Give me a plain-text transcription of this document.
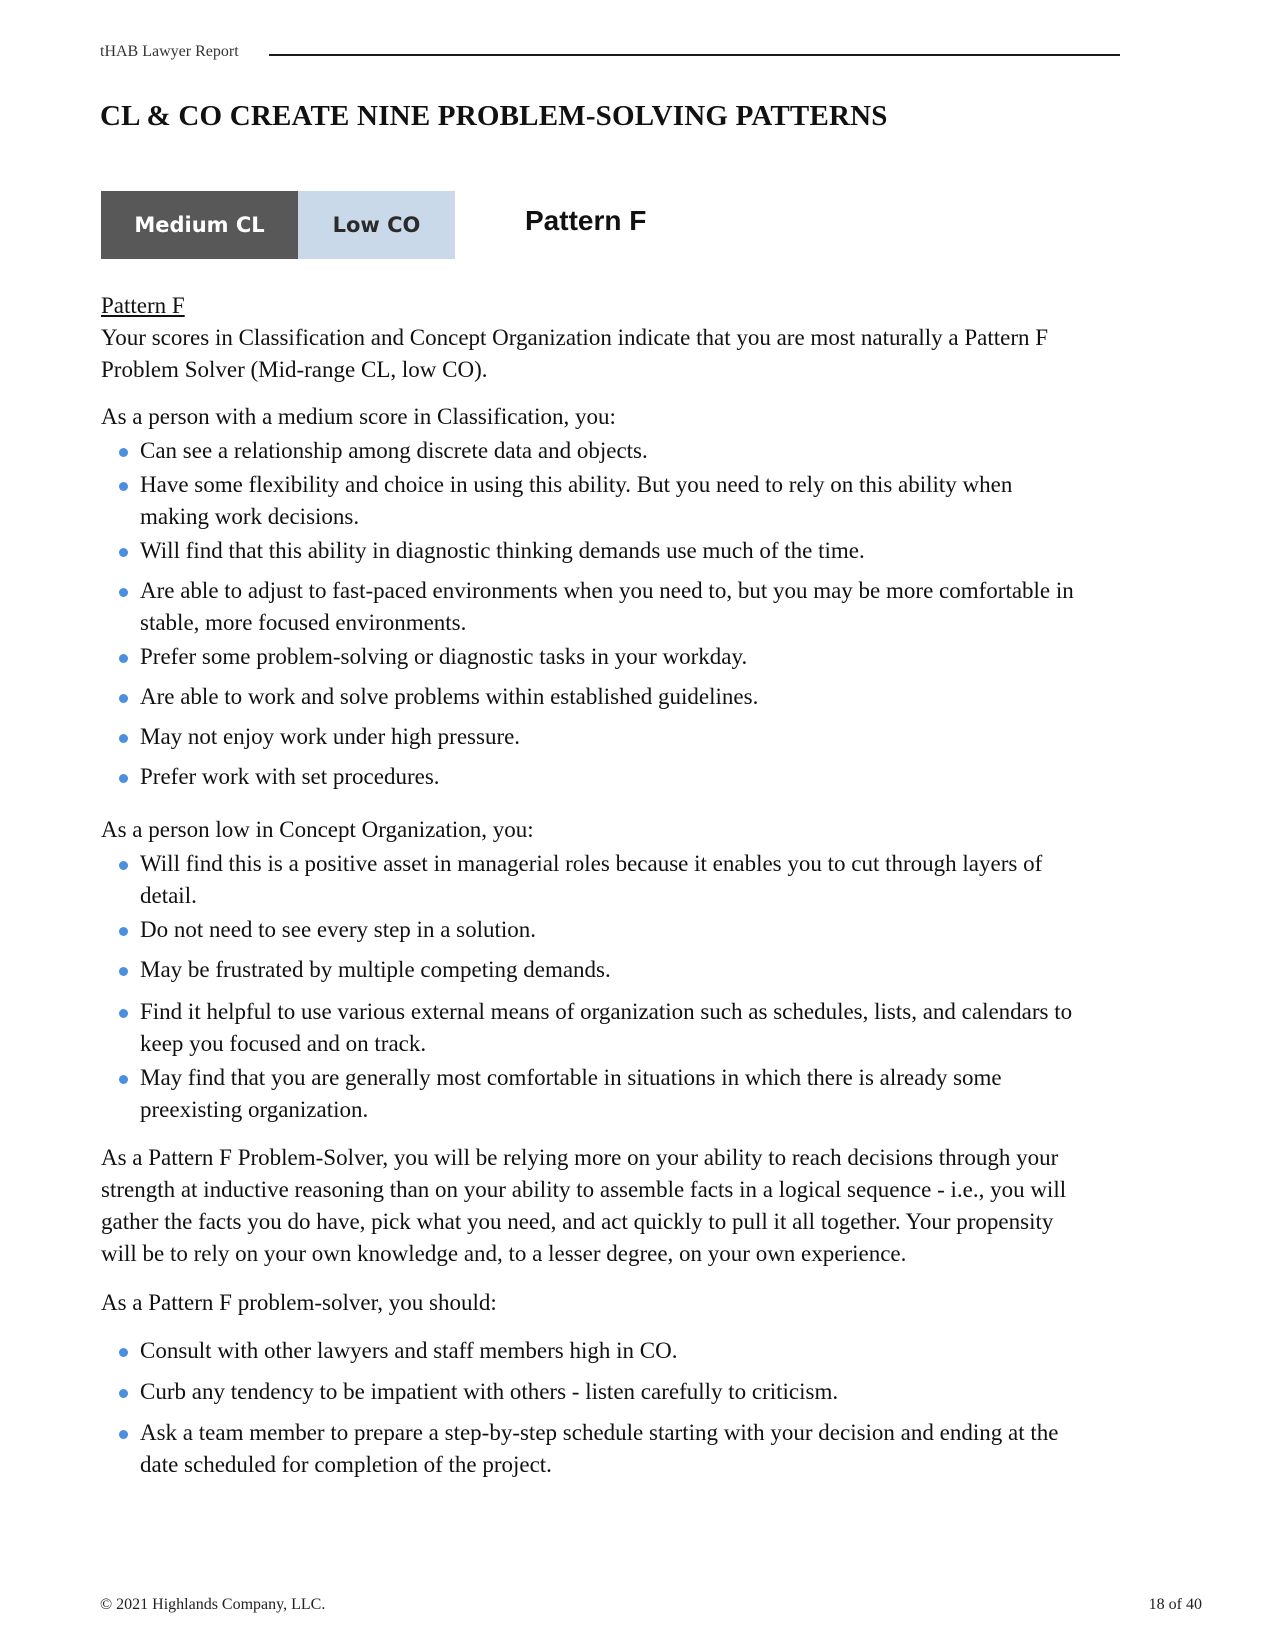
tHAB Lawyer Report
CL & CO CREATE NINE PROBLEM-SOLVING PATTERNS
Medium CL	Low CO	Pattern F

Pattern F

Your scores in Classification and Concept Organization indicate that you are most naturally a Pattern F Problem Solver (Mid-range CL, low CO).

As a person with a medium score in Classification, you:

Can see a relationship among discrete data and objects.
Have some flexibility and choice in using this ability. But you need to rely on this ability when making work decisions.
Will find that this ability in diagnostic thinking demands use much of the time.
Are able to adjust to fast-paced environments when you need to, but you may be more comfortable in stable, more focused environments.
Prefer some problem-solving or diagnostic tasks in your workday.
Are able to work and solve problems within established guidelines.
May not enjoy work under high pressure.
Prefer work with set procedures.

As a person low in Concept Organization, you:

Will find this is a positive asset in managerial roles because it enables you to cut through layers of detail.
Do not need to see every step in a solution.
May be frustrated by multiple competing demands.
Find it helpful to use various external means of organization such as schedules, lists, and calendars to keep you focused and on track.
May find that you are generally most comfortable in situations in which there is already some preexisting organization.

As a Pattern F Problem-Solver, you will be relying more on your ability to reach decisions through your strength at inductive reasoning than on your ability to assemble facts in a logical sequence - i.e., you will gather the facts you do have, pick what you need, and act quickly to pull it all together. Your propensity will be to rely on your own knowledge and, to a lesser degree, on your own experience.

As a Pattern F problem-solver, you should:

Consult with other lawyers and staff members high in CO.
Curb any tendency to be impatient with others - listen carefully to criticism.
Ask a team member to prepare a step-by-step schedule starting with your decision and ending at the date scheduled for completion of the project.
© 2021 Highlands Company, LLC.	18 of 40
